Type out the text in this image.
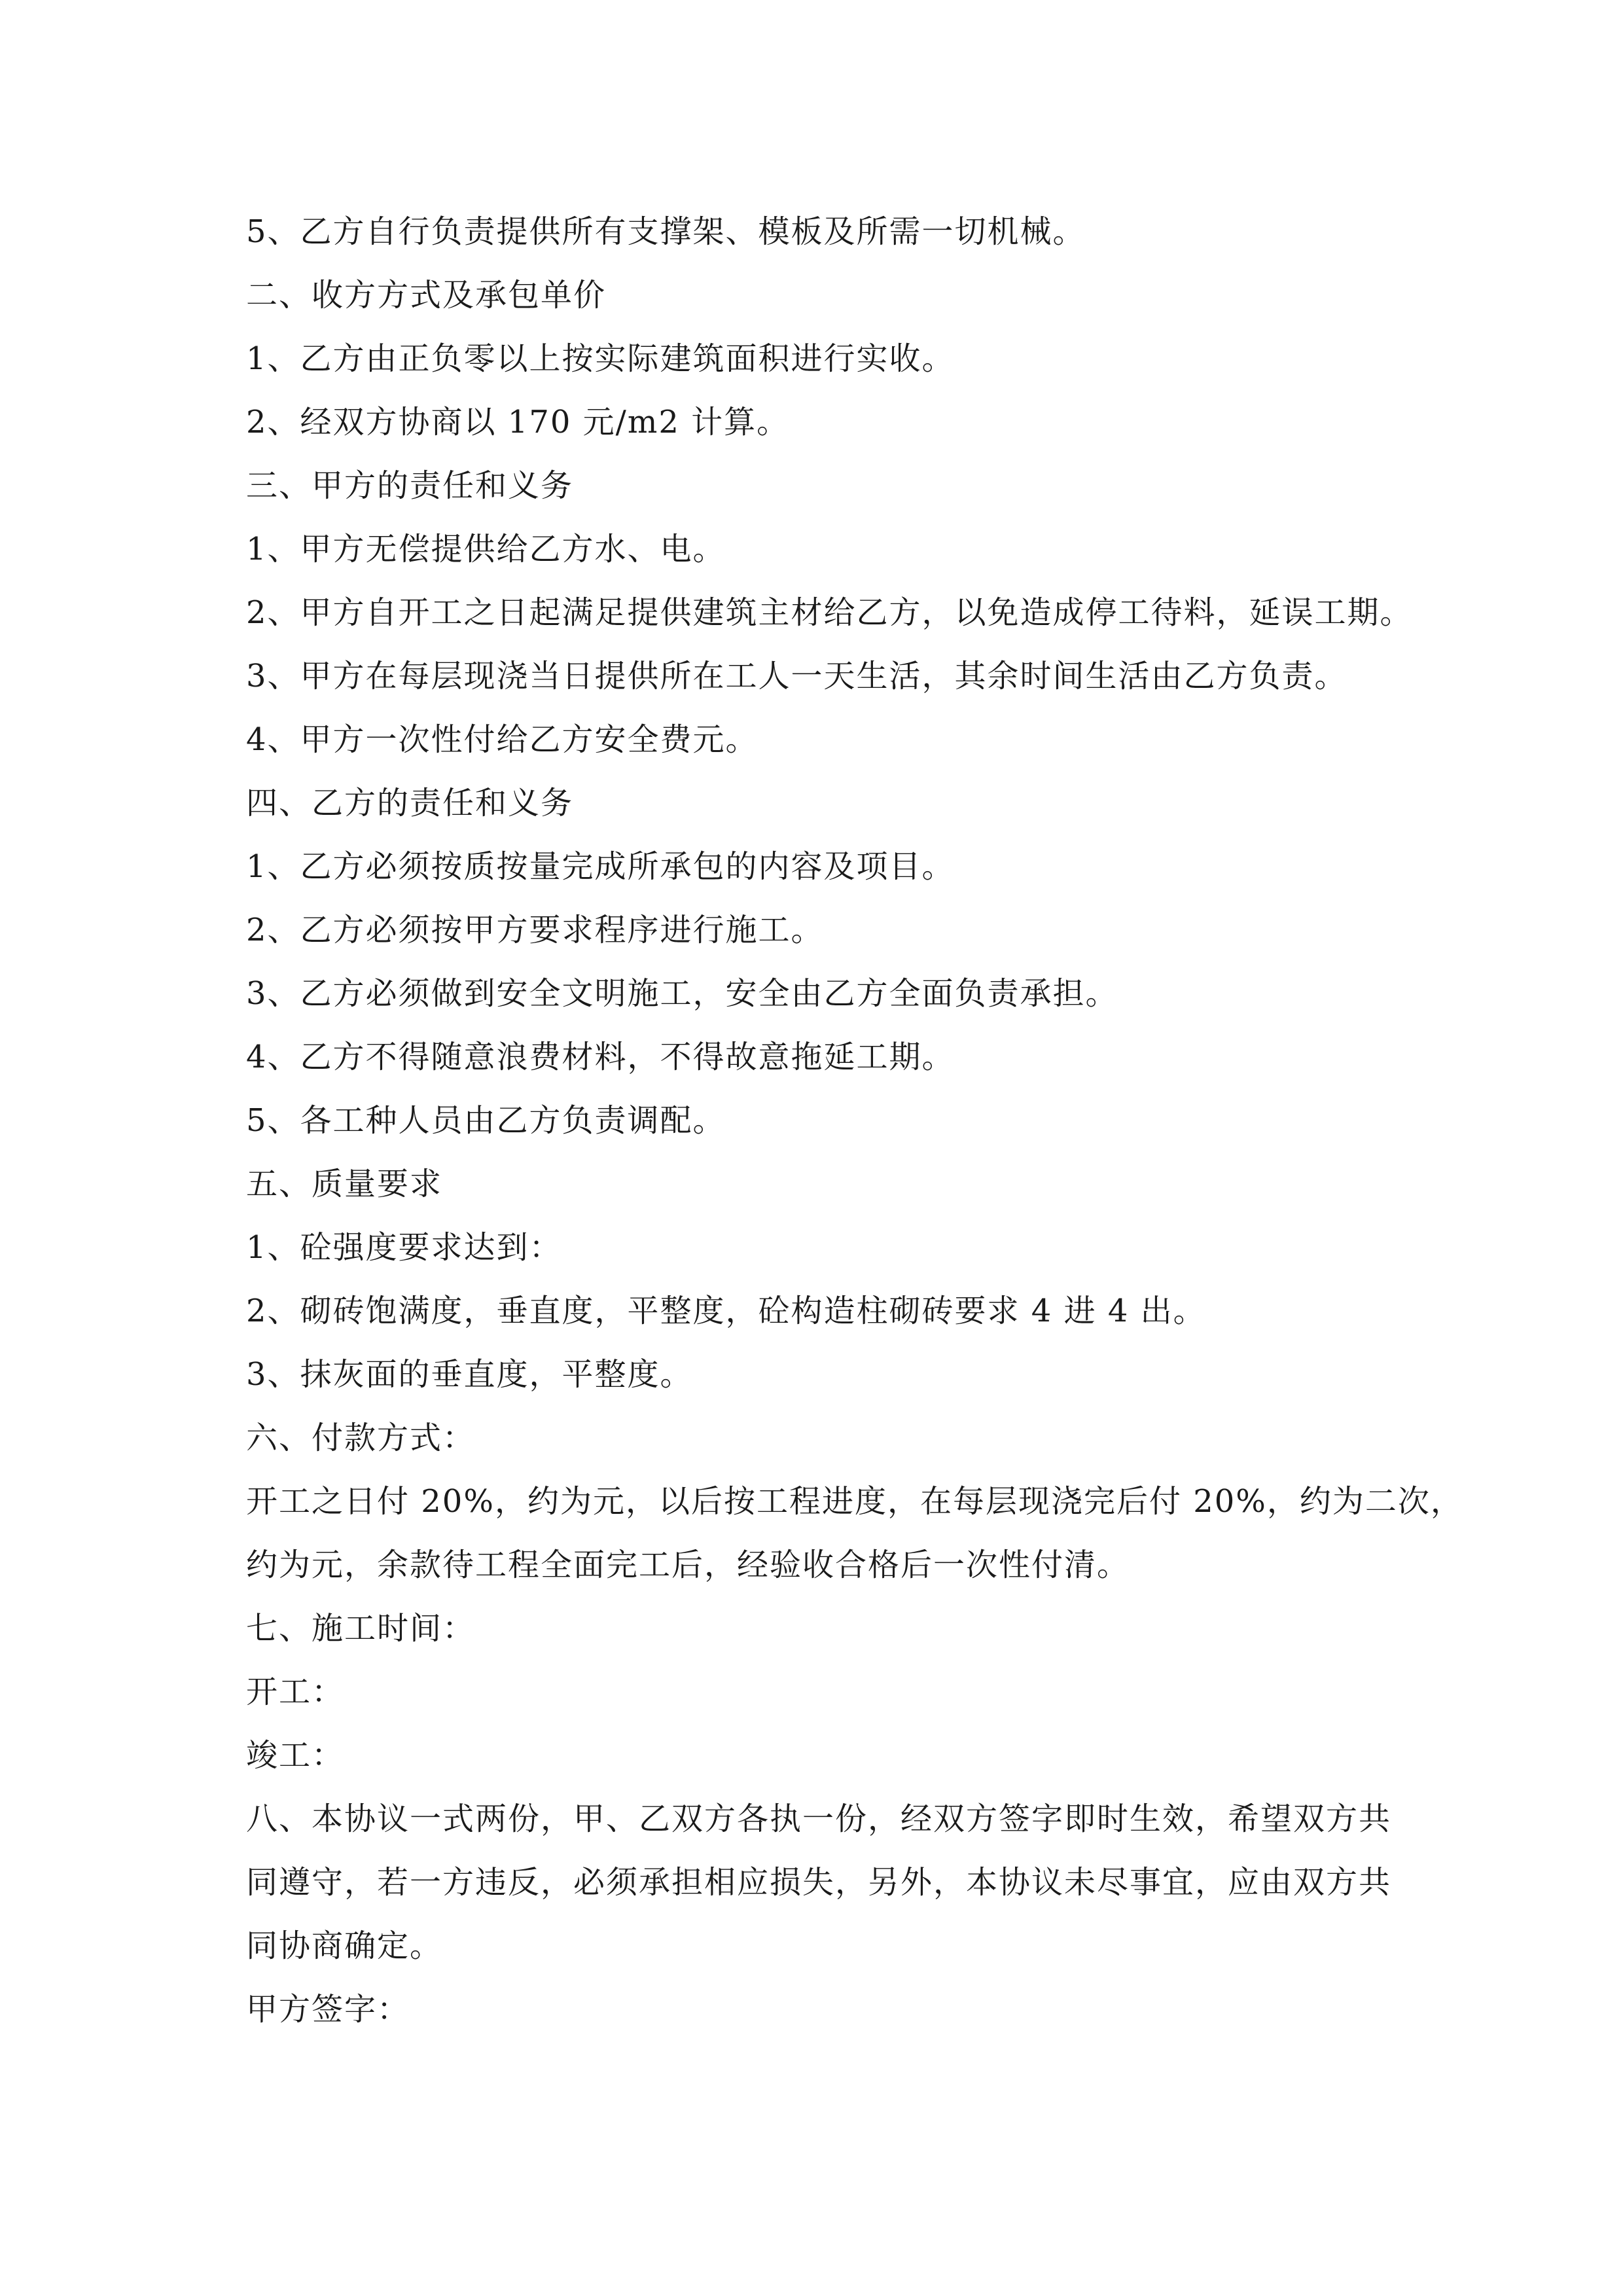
5、乙方自行负责提供所有支撑架、模板及所需一切机械。
二、收方方式及承包单价
1、乙方由正负零以上按实际建筑面积进行实收。
2、经双方协商以 170 元/m2 计算。
三、甲方的责任和义务
1、甲方无偿提供给乙方水、电。
2、甲方自开工之日起满足提供建筑主材给乙方，以免造成停工待料，延误工期。
3、甲方在每层现浇当日提供所在工人一天生活，其余时间生活由乙方负责。
4、甲方一次性付给乙方安全费元。
四、乙方的责任和义务
1、乙方必须按质按量完成所承包的内容及项目。
2、乙方必须按甲方要求程序进行施工。
3、乙方必须做到安全文明施工，安全由乙方全面负责承担。
4、乙方不得随意浪费材料，不得故意拖延工期。
5、各工种人员由乙方负责调配。
五、质量要求
1、砼强度要求达到：
2、砌砖饱满度，垂直度，平整度，砼构造柱砌砖要求 4 进 4 出。
3、抹灰面的垂直度，平整度。
六、付款方式：
开工之日付 20%，约为元，以后按工程进度，在每层现浇完后付 20%，约为二次，
约为元，余款待工程全面完工后，经验收合格后一次性付清。
七、施工时间：
开工：
竣工：
八、本协议一式两份，甲、乙双方各执一份，经双方签字即时生效，希望双方共
同遵守，若一方违反，必须承担相应损失，另外，本协议未尽事宜，应由双方共
同协商确定。
甲方签字：
